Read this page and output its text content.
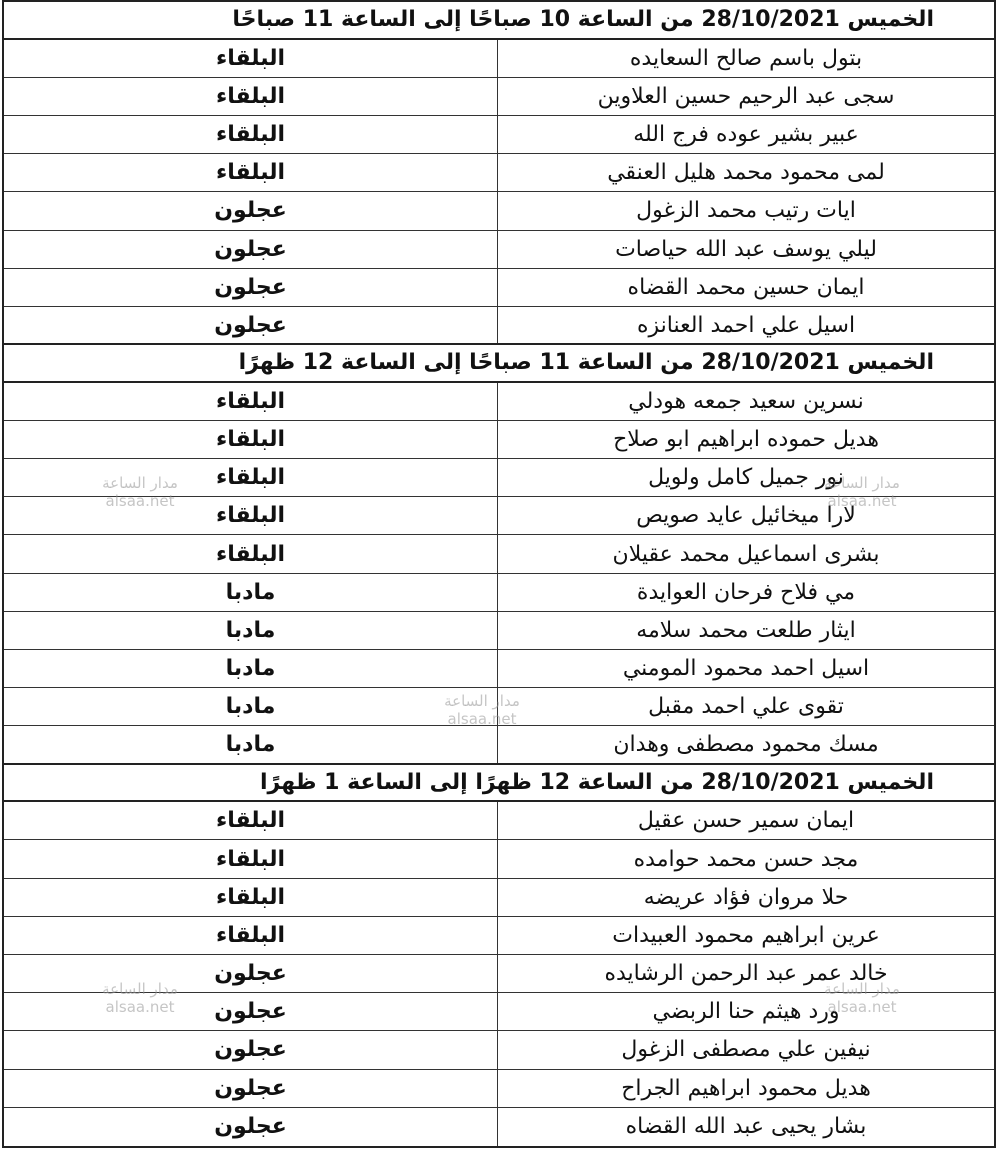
الخميس 28/10/2021 من الساعة 10 صباحًا إلى الساعة 11 صباحًا
بتول باسم صالح السعايده
البلقاء
سجى عبد الرحيم حسين العلاوين
البلقاء
عبير بشير عوده فرج الله
البلقاء
لمى محمود محمد هليل العنقي
البلقاء
ايات رتيب محمد الزغول
عجلون
ليلي يوسف عبد الله حياصات
عجلون
ايمان حسين محمد القضاه
عجلون
اسيل علي احمد العنانزه
عجلون
الخميس 28/10/2021 من الساعة 11 صباحًا إلى الساعة 12 ظهرًا
نسرين سعيد جمعه هودلي
البلقاء
هديل حموده ابراهيم ابو صلاح
البلقاء
نور جميل كامل ولويل
البلقاء
لارا ميخائيل عايد صويص
البلقاء
بشرى اسماعيل محمد عقيلان
البلقاء
مي فلاح فرحان العوايدة
مادبا
ايثار طلعت محمد سلامه
مادبا
اسيل احمد محمود المومني
مادبا
تقوى علي احمد مقبل
مادبا
مسك محمود مصطفى وهدان
مادبا
الخميس 28/10/2021 من الساعة 12 ظهرًا إلى الساعة 1 ظهرًا
ايمان سمير حسن عقيل
البلقاء
مجد حسن محمد حوامده
البلقاء
حلا مروان فؤاد عريضه
البلقاء
عرين ابراهيم محمود العبيدات
البلقاء
خالد عمر عبد الرحمن الرشايده
عجلون
ورد هيثم حنا الربضي
عجلون
نيفين علي مصطفى الزغول
عجلون
هديل محمود ابراهيم الجراح
عجلون
بشار يحيى عبد الله القضاه
عجلون
مدار الساعة
alsaa.net
مدار الساعة
alsaa.net
مدار الساعة
alsaa.net
مدار الساعة
alsaa.net
مدار الساعة
alsaa.net
